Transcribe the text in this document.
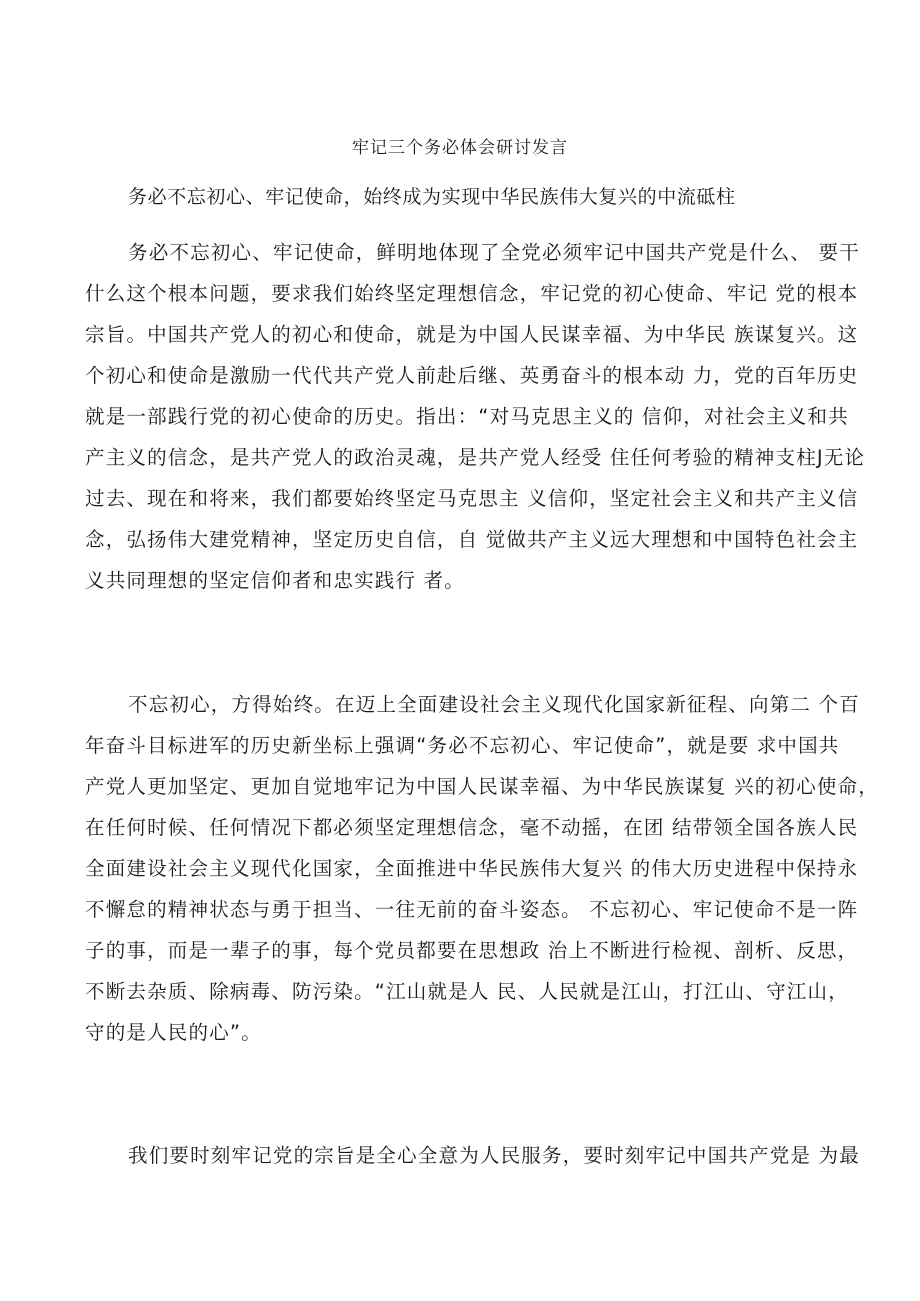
牢记三个务必体会研讨发言
务必不忘初心、牢记使命，始终成为实现中华民族伟大复兴的中流砥柱
务必不忘初心、牢记使命，鲜明地体现了全党必须牢记中国共产党是什么、 要干
什么这个根本问题，要求我们始终坚定理想信念，牢记党的初心使命、牢记 党的根本
宗旨。中国共产党人的初心和使命，就是为中国人民谋幸福、为中华民 族谋复兴。这
个初心和使命是激励一代代共产党人前赴后继、英勇奋斗的根本动 力，党的百年历史
就是一部践行党的初心使命的历史。指出：“对马克思主义的 信仰，对社会主义和共
产主义的信念，是共产党人的政治灵魂，是共产党人经受 住任何考验的精神支柱J无论
过去、现在和将来，我们都要始终坚定马克思主 义信仰，坚定社会主义和共产主义信
念，弘扬伟大建党精神，坚定历史自信，自 觉做共产主义远大理想和中国特色社会主
义共同理想的坚定信仰者和忠实践行 者。
不忘初心，方得始终。在迈上全面建设社会主义现代化国家新征程、向第二 个百
年奋斗目标进军的历史新坐标上强调“务必不忘初心、牢记使命”，就是要 求中国共
产党人更加坚定、更加自觉地牢记为中国人民谋幸福、为中华民族谋复 兴的初心使命，
在任何时候、任何情况下都必须坚定理想信念，毫不动摇，在团 结带领全国各族人民
全面建设社会主义现代化国家，全面推进中华民族伟大复兴 的伟大历史进程中保持永
不懈怠的精神状态与勇于担当、一往无前的奋斗姿态。 不忘初心、牢记使命不是一阵
子的事，而是一辈子的事，每个党员都要在思想政 治上不断进行检视、剖析、反思，
不断去杂质、除病毒、防污染。“江山就是人 民、人民就是江山，打江山、守江山，
守的是人民的心”。
我们要时刻牢记党的宗旨是全心全意为人民服务，要时刻牢记中国共产党是 为最
